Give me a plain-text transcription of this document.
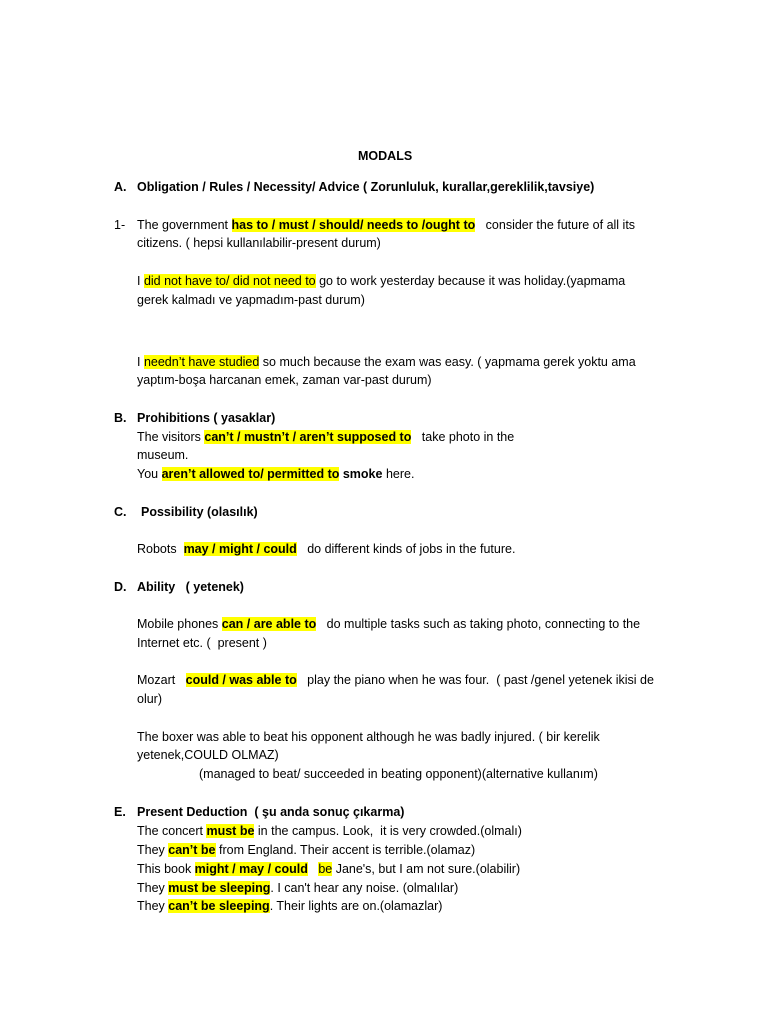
MODALS
A. Obligation / Rules / Necessity/ Advice ( Zorunluluk, kurallar,gereklilik,tavsiye)
1- The government has to / must / should/ needs to /ought to   consider the future of all its
citizens. ( hepsi kullanılabilir-present durum)
I did not have to/ did not need to go to work yesterday because it was holiday.(yapmama
gerek kalmadı ve yapmadım-past durum)
I needn’t have studied so much because the exam was easy. ( yapmama gerek yoktu ama
yaptım-boşa harcanan emek, zaman var-past durum)
B. Prohibitions ( yasaklar)
The visitors can’t / mustn’t / aren’t supposed to   take photo in the
museum.
You aren’t allowed to/ permitted to smoke here.
C. Possibility (olasılık)
Robots  may / might / could   do different kinds of jobs in the future.
D. Ability   ( yetenek)
Mobile phones can / are able to   do multiple tasks such as taking photo, connecting to the
Internet etc. (  present )
Mozart   could / was able to   play the piano when he was four.  ( past /genel yetenek ikisi de
olur)
The boxer was able to beat his opponent although he was badly injured. ( bir kerelik
yetenek,COULD OLMAZ)
(managed to beat/ succeeded in beating opponent)(alternative kullanım)
E. Present Deduction  ( şu anda sonuç çıkarma)
The concert must be in the campus. Look,  it is very crowded.(olmalı)
They can’t be from England. Their accent is terrible.(olamaz)
This book might / may / could be Jane's, but I am not sure.(olabilir)
They must be sleeping. I can't hear any noise. (olmalılar)
They can’t be sleeping. Their lights are on.(olamazlar)
